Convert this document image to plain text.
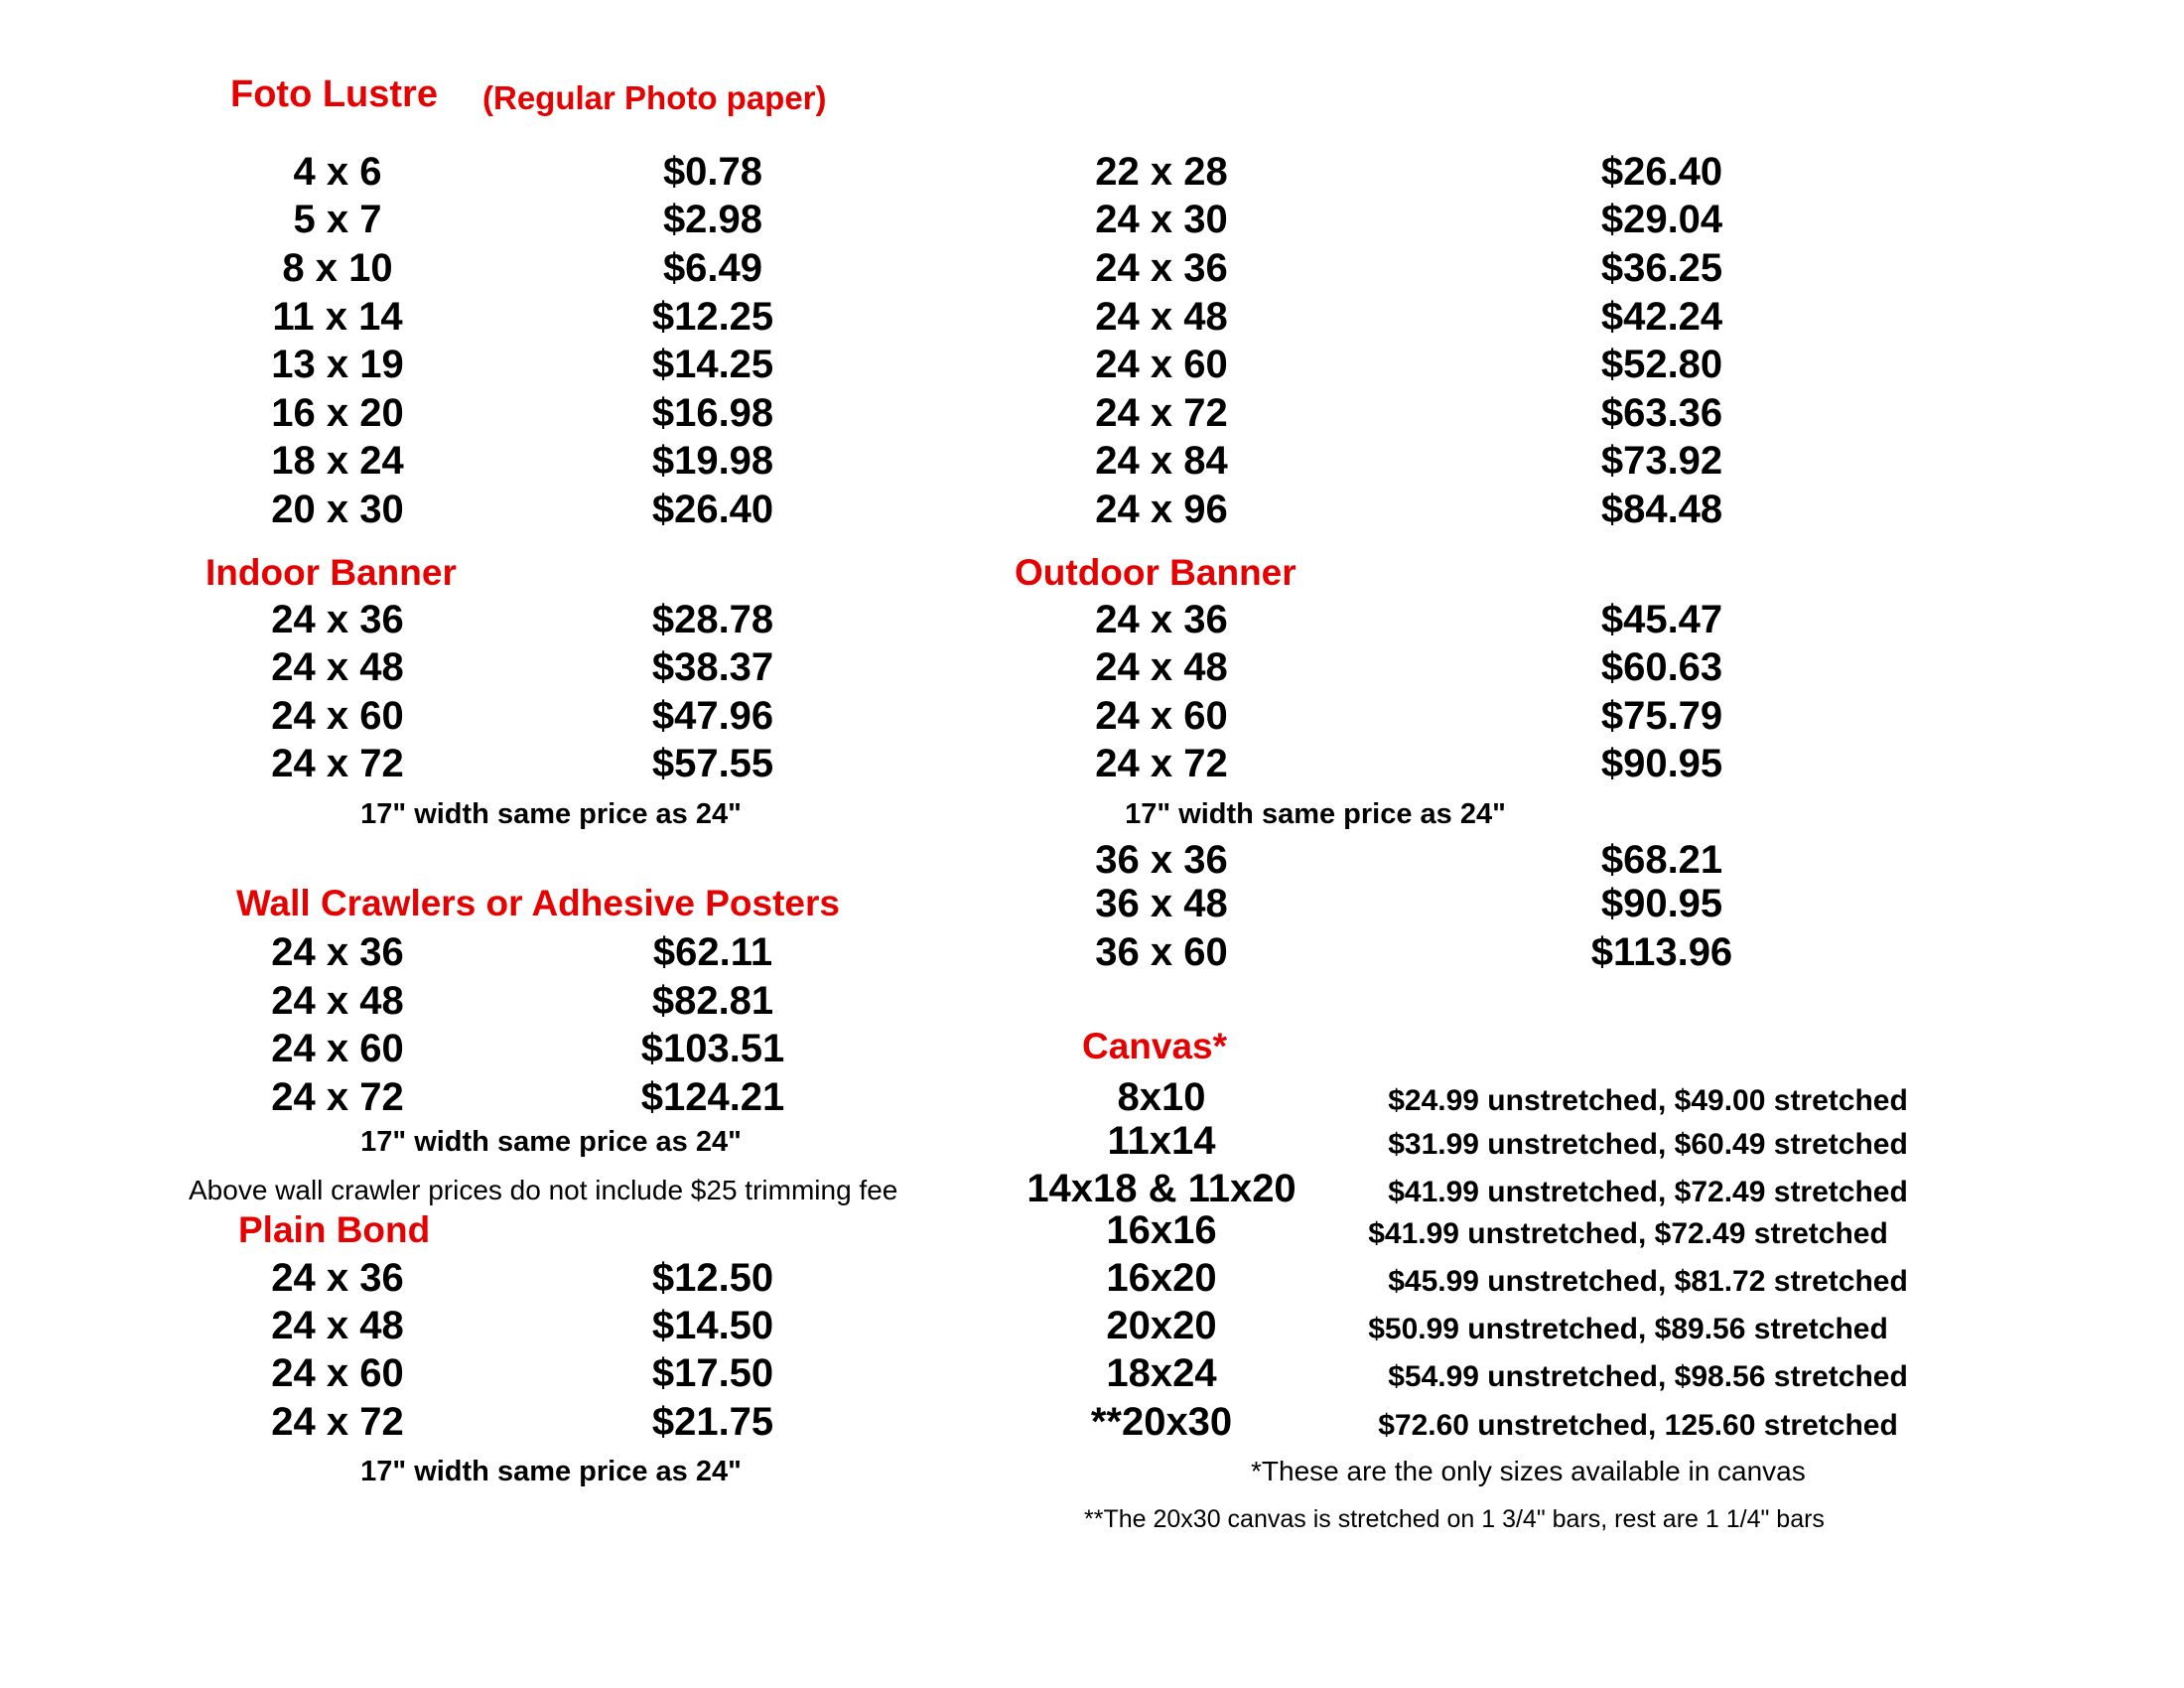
Foto Lustre (Regular Photo paper)
4 x 6	$0.78
5 x 7	$2.98
8 x 10	$6.49
11 x 14	$12.25
13 x 19	$14.25
16 x 20	$16.98
18 x 24	$19.98
20 x 30	$26.40
22 x 28	$26.40
24 x 30	$29.04
24 x 36	$36.25
24 x 48	$42.24
24 x 60	$52.80
24 x 72	$63.36
24 x 84	$73.92
24 x 96	$84.48
Indoor Banner
24 x 36	$28.78
24 x 48	$38.37
24 x 60	$47.96
24 x 72	$57.55
17" width same price as 24"
Outdoor Banner
24 x 36	$45.47
24 x 48	$60.63
24 x 60	$75.79
24 x 72	$90.95
17" width same price as 24"
36 x 36	$68.21
36 x 48	$90.95
36 x 60	$113.96
Wall Crawlers or Adhesive Posters
24 x 36	$62.11
24 x 48	$82.81
24 x 60	$103.51
24 x 72	$124.21
17" width same price as 24"
Above wall crawler prices do not include $25 trimming fee
Plain Bond
24 x 36	$12.50
24 x 48	$14.50
24 x 60	$17.50
24 x 72	$21.75
17" width same price as 24"
Canvas*
8x10	$24.99 unstretched, $49.00 stretched
11x14	$31.99 unstretched, $60.49 stretched
14x18 & 11x20	$41.99 unstretched, $72.49 stretched
16x16	$41.99 unstretched, $72.49 stretched
16x20	$45.99 unstretched, $81.72 stretched
20x20	$50.99 unstretched, $89.56 stretched
18x24	$54.99 unstretched, $98.56 stretched
**20x30	$72.60 unstretched, 125.60 stretched
*These are the only sizes available in canvas
**The 20x30 canvas is stretched on 1 3/4" bars, rest are 1 1/4" bars
